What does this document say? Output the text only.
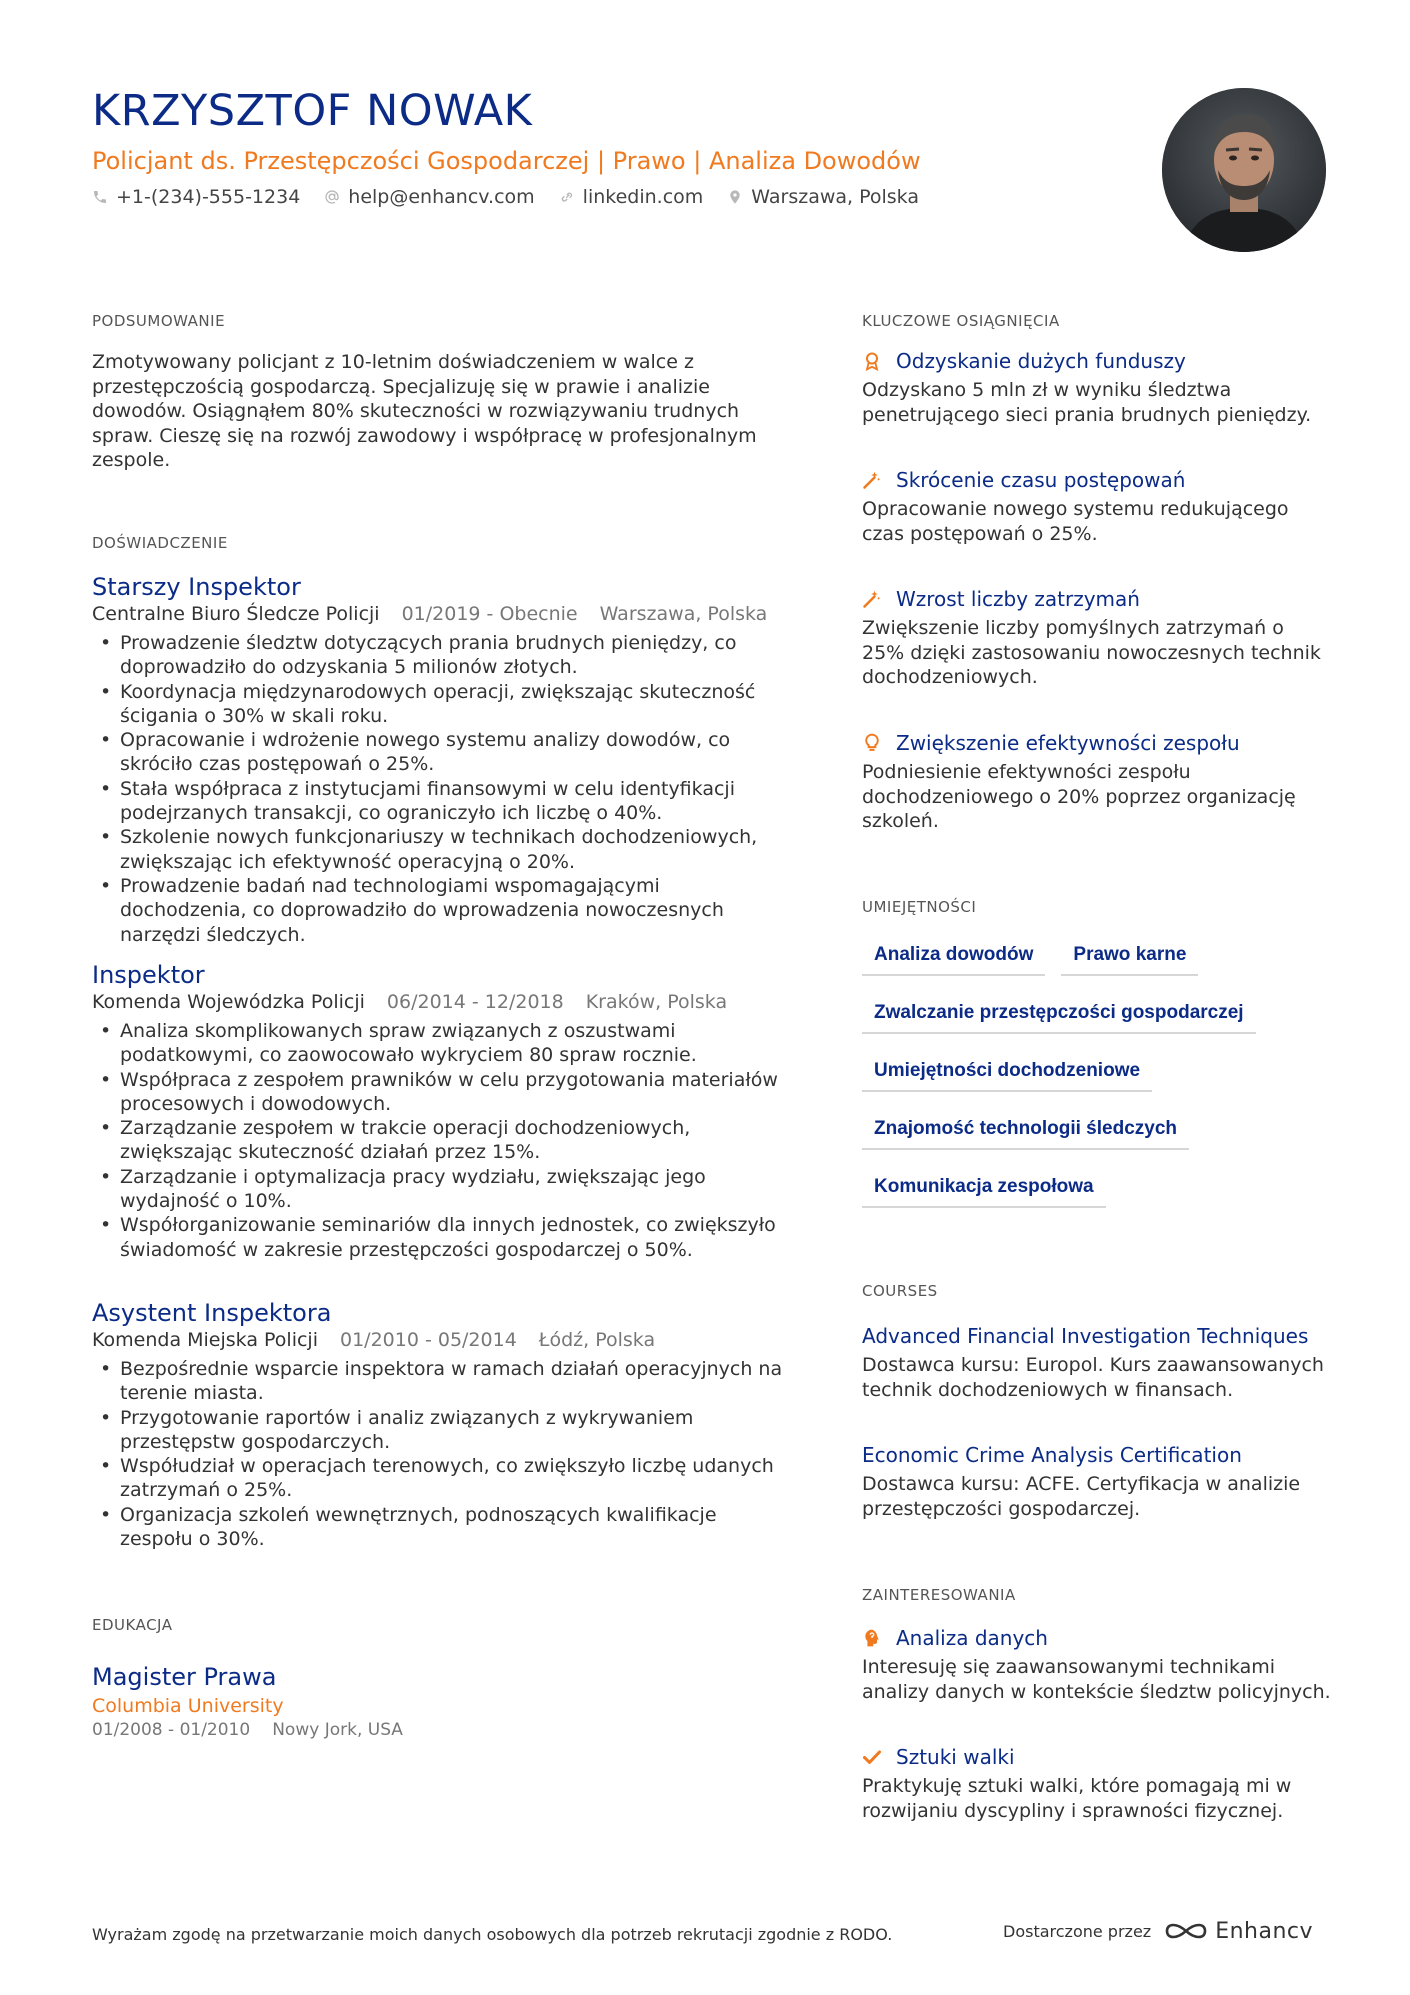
KRZYSZTOF NOWAK
Policjant ds. Przestępczości Gospodarczej | Prawo | Analiza Dowodów
+1-(234)-555-1234	help@enhancv.com	linkedin.com	Warszawa, Polska
PODSUMOWANIE
Zmotywowany policjant z 10-letnim doświadczeniem w walce z przestępczością gospodarczą. Specjalizuję się w prawie i analizie dowodów. Osiągnąłem 80% skuteczności w rozwiązywaniu trudnych spraw. Cieszę się na rozwój zawodowy i współpracę w profesjonalnym zespole.
DOŚWIADCZENIE
Starszy Inspektor
Centralne Biuro Śledcze Policji 01/2019 - Obecnie Warszawa, Polska
• Prowadzenie śledztw dotyczących prania brudnych pieniędzy, co doprowadziło do odzyskania 5 milionów złotych.
• Koordynacja międzynarodowych operacji, zwiększając skuteczność ścigania o 30% w skali roku.
• Opracowanie i wdrożenie nowego systemu analizy dowodów, co skróciło czas postępowań o 25%.
• Stała współpraca z instytucjami finansowymi w celu identyfikacji podejrzanych transakcji, co ograniczyło ich liczbę o 40%.
• Szkolenie nowych funkcjonariuszy w technikach dochodzeniowych, zwiększając ich efektywność operacyjną o 20%.
• Prowadzenie badań nad technologiami wspomagającymi dochodzenia, co doprowadziło do wprowadzenia nowoczesnych narzędzi śledczych.
Inspektor
Komenda Wojewódzka Policji 06/2014 - 12/2018 Kraków, Polska
• Analiza skomplikowanych spraw związanych z oszustwami podatkowymi, co zaowocowało wykryciem 80 spraw rocznie.
• Współpraca z zespołem prawników w celu przygotowania materiałów procesowych i dowodowych.
• Zarządzanie zespołem w trakcie operacji dochodzeniowych, zwiększając skuteczność działań przez 15%.
• Zarządzanie i optymalizacja pracy wydziału, zwiększając jego wydajność o 10%.
• Współorganizowanie seminariów dla innych jednostek, co zwiększyło świadomość w zakresie przestępczości gospodarczej o 50%.
Asystent Inspektora
Komenda Miejska Policji 01/2010 - 05/2014 Łódź, Polska
• Bezpośrednie wsparcie inspektora w ramach działań operacyjnych na terenie miasta.
• Przygotowanie raportów i analiz związanych z wykrywaniem przestępstw gospodarczych.
• Współudział w operacjach terenowych, co zwiększyło liczbę udanych zatrzymań o 25%.
• Organizacja szkoleń wewnętrznych, podnoszących kwalifikacje zespołu o 30%.
EDUKACJA
Magister Prawa
Columbia University
01/2008 - 01/2010 Nowy Jork, USA
KLUCZOWE OSIĄGNIĘCIA
Odzyskanie dużych funduszy
Odzyskano 5 mln zł w wyniku śledztwa penetrującego sieci prania brudnych pieniędzy.
Skrócenie czasu postępowań
Opracowanie nowego systemu redukującego czas postępowań o 25%.
Wzrost liczby zatrzymań
Zwiększenie liczby pomyślnych zatrzymań o 25% dzięki zastosowaniu nowoczesnych technik dochodzeniowych.
Zwiększenie efektywności zespołu
Podniesienie efektywności zespołu dochodzeniowego o 20% poprzez organizację szkoleń.
UMIEJĘTNOŚCI
Analiza dowodów	Prawo karne
Zwalczanie przestępczości gospodarczej
Umiejętności dochodzeniowe
Znajomość technologii śledczych
Komunikacja zespołowa
COURSES
Advanced Financial Investigation Techniques
Dostawca kursu: Europol. Kurs zaawansowanych technik dochodzeniowych w finansach.
Economic Crime Analysis Certification
Dostawca kursu: ACFE. Certyfikacja w analizie przestępczości gospodarczej.
ZAINTERESOWANIA
Analiza danych
Interesuję się zaawansowanymi technikami analizy danych w kontekście śledztw policyjnych.
Sztuki walki
Praktykuję sztuki walki, które pomagają mi w rozwijaniu dyscypliny i sprawności fizycznej.
Wyrażam zgodę na przetwarzanie moich danych osobowych dla potrzeb rekrutacji zgodnie z RODO.	Dostarczone przez	Enhancv
